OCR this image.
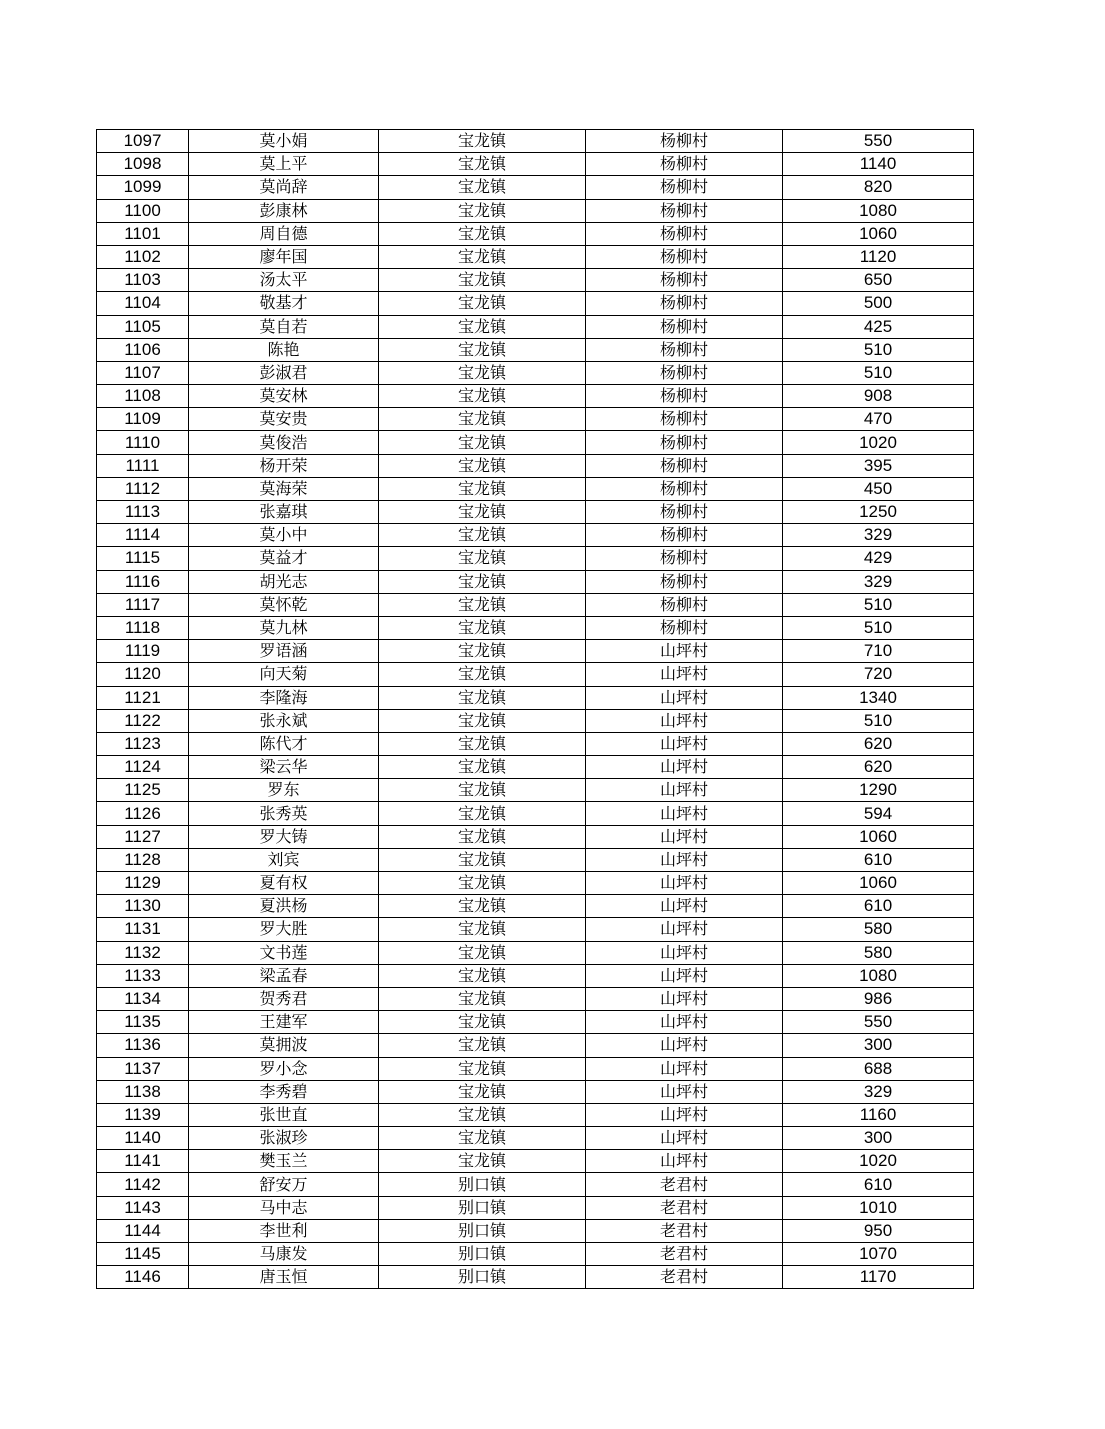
1097	莫小娟	宝龙镇	杨柳村	550
1098	莫上平	宝龙镇	杨柳村	1140
1099	莫尚辞	宝龙镇	杨柳村	820
1100	彭康林	宝龙镇	杨柳村	1080
1101	周自德	宝龙镇	杨柳村	1060
1102	廖年国	宝龙镇	杨柳村	1120
1103	汤太平	宝龙镇	杨柳村	650
1104	敬基才	宝龙镇	杨柳村	500
1105	莫自若	宝龙镇	杨柳村	425
1106	陈艳	宝龙镇	杨柳村	510
1107	彭淑君	宝龙镇	杨柳村	510
1108	莫安林	宝龙镇	杨柳村	908
1109	莫安贵	宝龙镇	杨柳村	470
1110	莫俊浩	宝龙镇	杨柳村	1020
1111	杨开荣	宝龙镇	杨柳村	395
1112	莫海荣	宝龙镇	杨柳村	450
1113	张嘉琪	宝龙镇	杨柳村	1250
1114	莫小中	宝龙镇	杨柳村	329
1115	莫益才	宝龙镇	杨柳村	429
1116	胡光志	宝龙镇	杨柳村	329
1117	莫怀乾	宝龙镇	杨柳村	510
1118	莫九林	宝龙镇	杨柳村	510
1119	罗语涵	宝龙镇	山坪村	710
1120	向天菊	宝龙镇	山坪村	720
1121	李隆海	宝龙镇	山坪村	1340
1122	张永斌	宝龙镇	山坪村	510
1123	陈代才	宝龙镇	山坪村	620
1124	梁云华	宝龙镇	山坪村	620
1125	罗东	宝龙镇	山坪村	1290
1126	张秀英	宝龙镇	山坪村	594
1127	罗大铸	宝龙镇	山坪村	1060
1128	刘宾	宝龙镇	山坪村	610
1129	夏有权	宝龙镇	山坪村	1060
1130	夏洪杨	宝龙镇	山坪村	610
1131	罗大胜	宝龙镇	山坪村	580
1132	文书莲	宝龙镇	山坪村	580
1133	梁孟春	宝龙镇	山坪村	1080
1134	贺秀君	宝龙镇	山坪村	986
1135	王建军	宝龙镇	山坪村	550
1136	莫拥波	宝龙镇	山坪村	300
1137	罗小念	宝龙镇	山坪村	688
1138	李秀碧	宝龙镇	山坪村	329
1139	张世直	宝龙镇	山坪村	1160
1140	张淑珍	宝龙镇	山坪村	300
1141	樊玉兰	宝龙镇	山坪村	1020
1142	舒安万	别口镇	老君村	610
1143	马中志	别口镇	老君村	1010
1144	李世利	别口镇	老君村	950
1145	马康发	别口镇	老君村	1070
1146	唐玉恒	别口镇	老君村	1170
